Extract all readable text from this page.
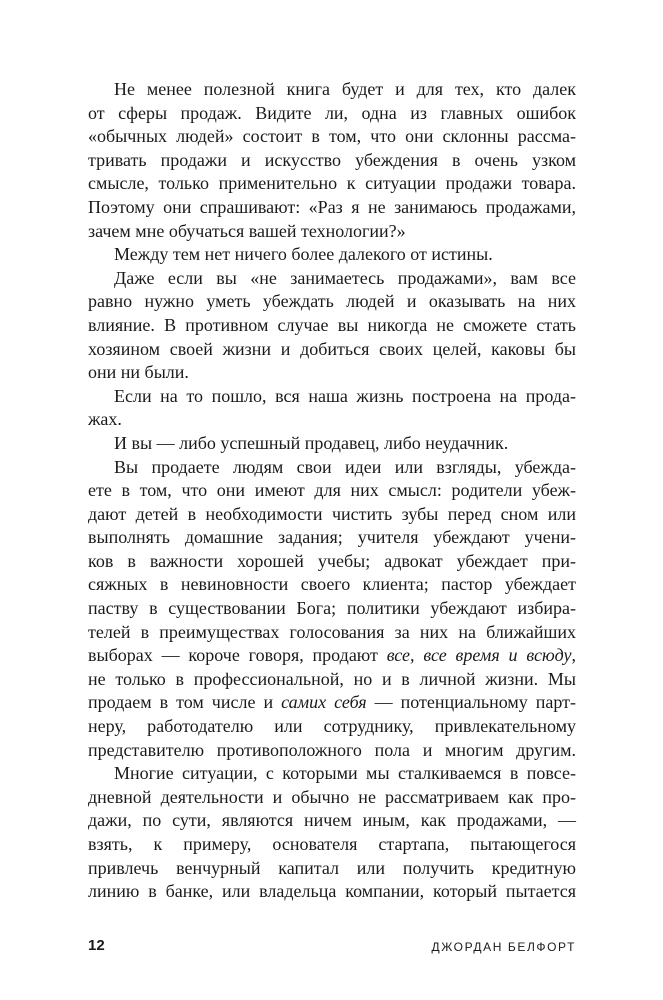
Не менее полезной книга будет и для тех, кто далек
от сферы продаж. Видите ли, одна из главных ошибок
«обычных людей» состоит в том, что они склонны рассма-
тривать продажи и искусство убеждения в очень узком
смысле, только применительно к ситуации продажи товара.
Поэтому они спрашивают: «Раз я не занимаюсь продажами,
зачем мне обучаться вашей технологии?»
Между тем нет ничего более далекого от истины.
Даже если вы «не занимаетесь продажами», вам все
равно нужно уметь убеждать людей и оказывать на них
влияние. В противном случае вы никогда не сможете стать
хозяином своей жизни и добиться своих целей, каковы бы
они ни были.
Если на то пошло, вся наша жизнь построена на прода-
жах.
И вы — либо успешный продавец, либо неудачник.
Вы продаете людям свои идеи или взгляды, убежда-
ете в том, что они имеют для них смысл: родители убеж-
дают детей в необходимости чистить зубы перед сном или
выполнять домашние задания; учителя убеждают учени-
ков в важности хорошей учебы; адвокат убеждает при-
сяжных в невиновности своего клиента; пастор убеждает
паству в существовании Бога; политики убеждают избира-
телей в преимуществах голосования за них на ближайших
выборах — короче говоря, продают все, все время и всюду,
не только в профессиональной, но и в личной жизни. Мы
продаем в том числе и самих себя — потенциальному парт-
неру, работодателю или сотруднику, привлекательному
представителю противоположного пола и многим другим.
Многие ситуации, с которыми мы сталкиваемся в повсе-
дневной деятельности и обычно не рассматриваем как про-
дажи, по сути, являются ничем иным, как продажами, —
взять, к примеру, основателя стартапа, пытающегося
привлечь венчурный капитал или получить кредитную
линию в банке, или владельца компании, который пытается
12	ДЖОРДАН БЕЛФОРТ
